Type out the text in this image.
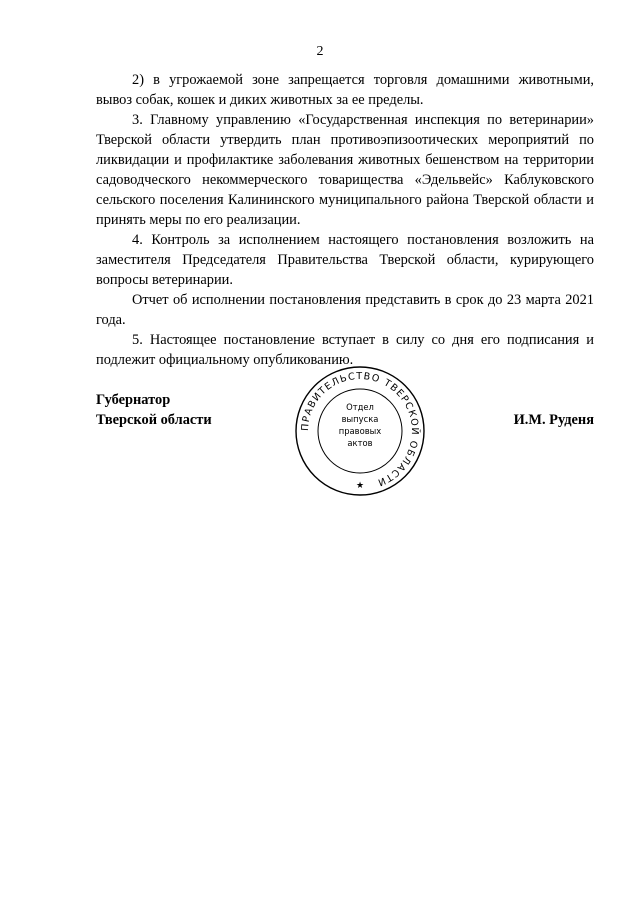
2

2) в угрожаемой зоне запрещается торговля домашними животными, вывоз собак, кошек и диких животных за ее пределы.

3. Главному управлению «Государственная инспекция по ветеринарии» Тверской области утвердить план противоэпизоотических мероприятий по ликвидации и профилактике заболевания животных бешенством на территории садоводческого некоммерческого товарищества «Эдельвейс» Каблуковского сельского поселения Калининского муниципального района Тверской области и принять меры по его реализации.

4. Контроль за исполнением настоящего постановления возложить на заместителя Председателя Правительства Тверской области, курирующего вопросы ветеринарии.

Отчет об исполнении постановления представить в срок до 23 марта 2021 года.

5. Настоящее постановление вступает в силу со дня его подписания и подлежит официальному опубликованию.

Губернатор
Тверской области	ПРАВИТЕЛЬСТВО ТВЕРСКОЙ ОБЛАСТИ
Отдел
выпуска
правовых
актов
★
И.М. Руденя
